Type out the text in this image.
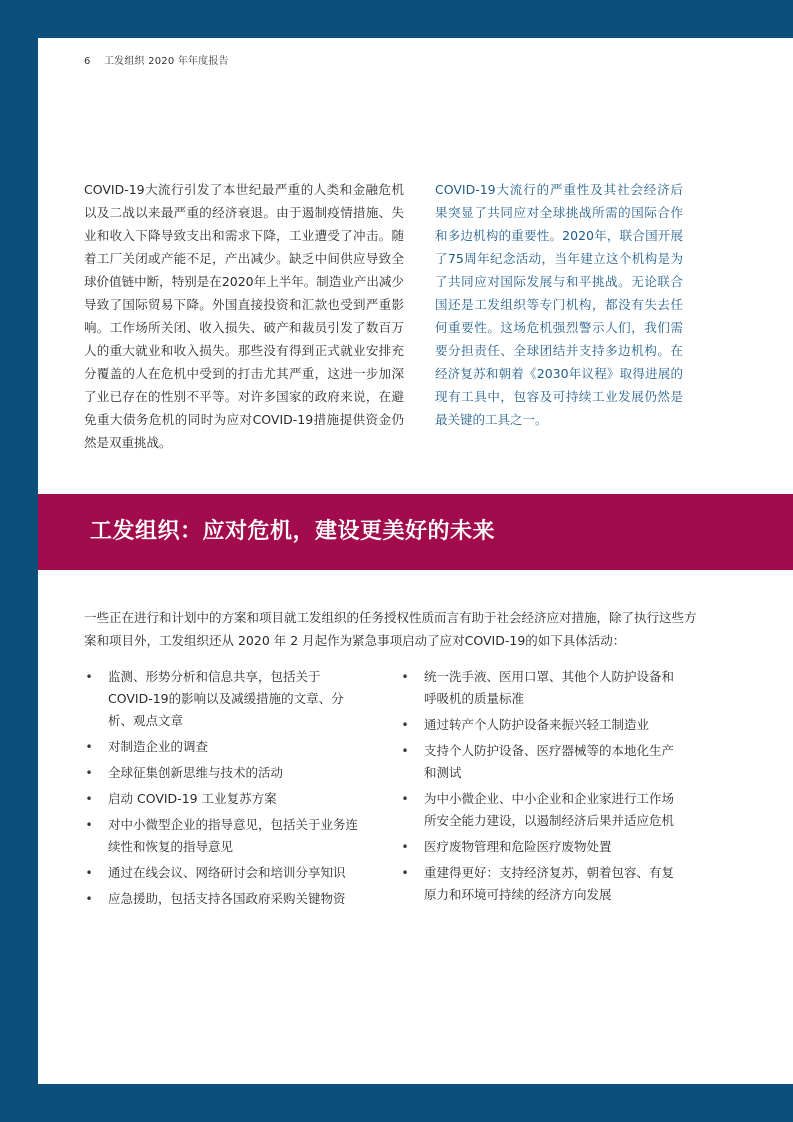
6 工发组织 2020 年年度报告
COVID-19大流行引发了本世纪最严重的人类和金融危机以及二战以来最严重的经济衰退。由于遏制疫情措施、失业和收入下降导致支出和需求下降，工业遭受了冲击。随着工厂关闭或产能不足，产出减少。缺乏中间供应导致全球价值链中断，特别是在2020年上半年。制造业产出减少导致了国际贸易下降。外国直接投资和汇款也受到严重影响。工作场所关闭、收入损失、破产和裁员引发了数百万人的重大就业和收入损失。那些没有得到正式就业安排充分覆盖的人在危机中受到的打击尤其严重，这进一步加深了业已存在的性别不平等。对许多国家的政府来说，在避免重大债务危机的同时为应对COVID-19措施提供资金仍然是双重挑战。
COVID-19大流行的严重性及其社会经济后果突显了共同应对全球挑战所需的国际合作和多边机构的重要性。2020年，联合国开展了75周年纪念活动，当年建立这个机构是为了共同应对国际发展与和平挑战。无论联合国还是工发组织等专门机构，都没有失去任何重要性。这场危机强烈警示人们，我们需要分担责任、全球团结并支持多边机构。在经济复苏和朝着《2030年议程》取得进展的现有工具中，包容及可持续工业发展仍然是最关键的工具之一。
工发组织：应对危机，建设更美好的未来
一些正在进行和计划中的方案和项目就工发组织的任务授权性质而言有助于社会经济应对措施，除了执行这些方案和项目外，工发组织还从 2020 年 2 月起作为紧急事项启动了应对COVID-19的如下具体活动：
• 监测、形势分析和信息共享，包括关于COVID-19的影响以及减缓措施的文章、分析、观点文章
• 对制造企业的调查
• 全球征集创新思维与技术的活动
• 启动 COVID-19 工业复苏方案
• 对中小微型企业的指导意见，包括关于业务连续性和恢复的指导意见
• 通过在线会议、网络研讨会和培训分享知识
• 应急援助，包括支持各国政府采购关键物资
• 统一洗手液、医用口罩、其他个人防护设备和呼吸机的质量标准
• 通过转产个人防护设备来振兴轻工制造业
• 支持个人防护设备、医疗器械等的本地化生产和测试
• 为中小微企业、中小企业和企业家进行工作场所安全能力建设，以遏制经济后果并适应危机
• 医疗废物管理和危险医疗废物处置
• 重建得更好：支持经济复苏，朝着包容、有复原力和环境可持续的经济方向发展
